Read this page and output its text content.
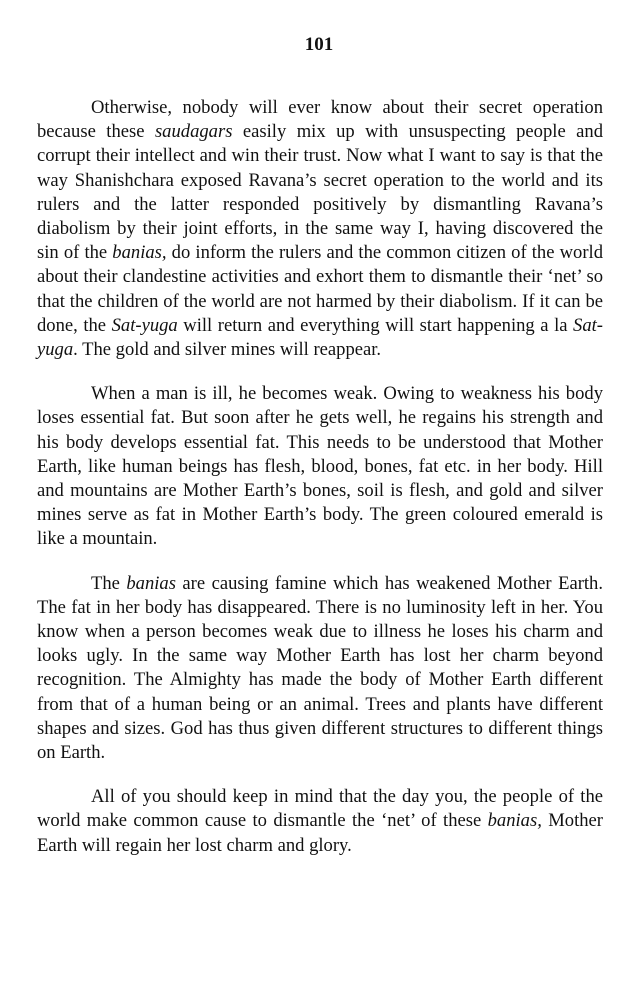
101

Otherwise, nobody will ever know about their secret operation because these saudagars easily mix up with unsuspecting people and corrupt their intellect and win their trust. Now what I want to say is that the way Shanishchara exposed Ravana’s secret operation to the world and its rulers and the latter responded positively by dismantling Ravana’s diabolism by their joint efforts, in the same way I, having discovered the sin of the banias, do inform the rulers and the common citizen of the world about their clandestine activities and exhort them to dismantle their ‘net’ so that the children of the world are not harmed by their diabolism. If it can be done, the Sat-yuga will return and everything will start happening a la Sat-yuga. The gold and silver mines will reappear.

When a man is ill, he becomes weak. Owing to weakness his body loses essential fat. But soon after he gets well, he regains his strength and his body develops essential fat. This needs to be understood that Mother Earth, like human beings has flesh, blood, bones, fat etc. in her body. Hill and mountains are Mother Earth’s bones, soil is flesh, and gold and silver mines serve as fat in Mother Earth’s body. The green coloured emerald is like a mountain.

The banias are causing famine which has weakened Mother Earth. The fat in her body has disappeared. There is no luminosity left in her. You know when a person becomes weak due to illness he loses his charm and looks ugly. In the same way Mother Earth has lost her charm beyond recognition. The Almighty has made the body of Mother Earth different from that of a human being or an animal. Trees and plants have different shapes and sizes. God has thus given different structures to different things on Earth.

All of you should keep in mind that the day you, the people of the world make common cause to dismantle the ‘net’ of these banias, Mother Earth will regain her lost charm and glory.
